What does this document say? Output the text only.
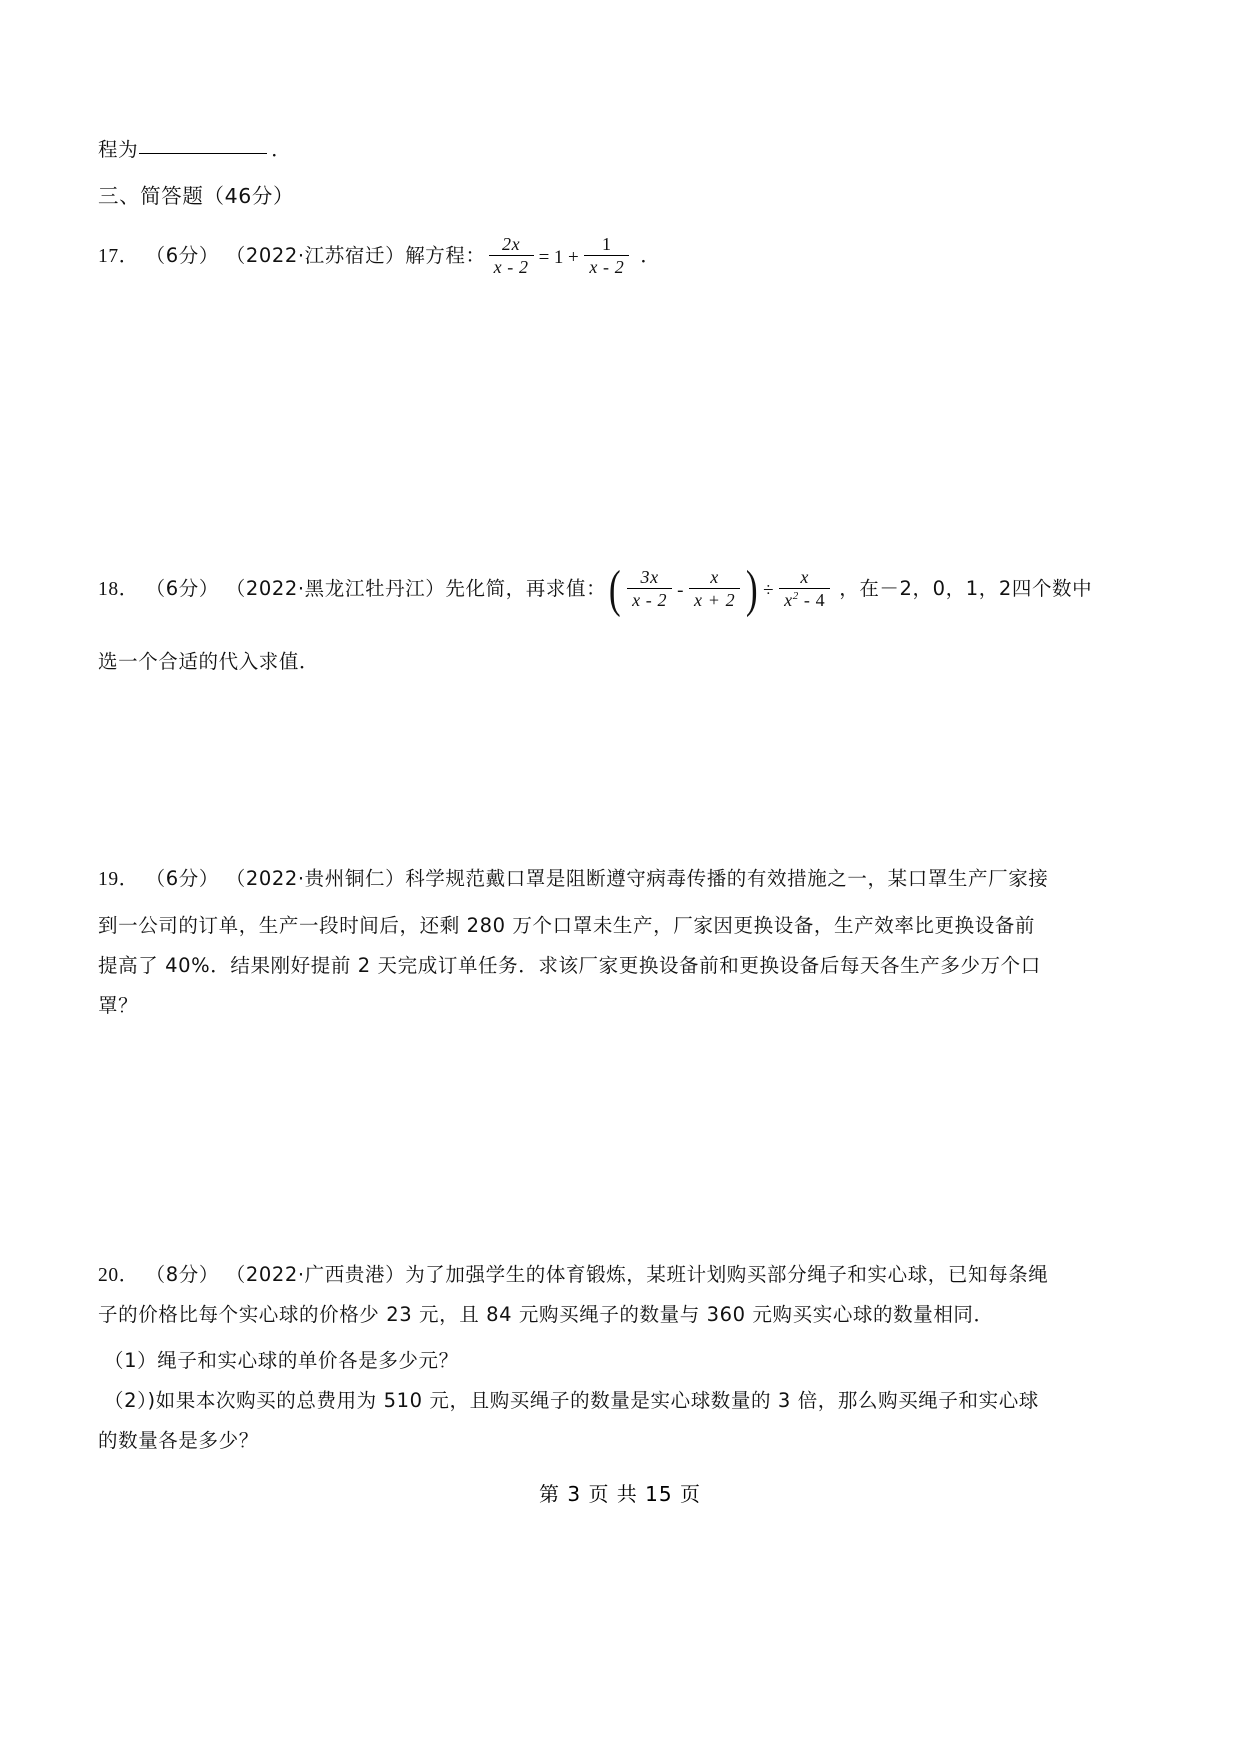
程为	．
三、简答题（46分）
17． （6分） （2022·江苏宿迁）解方程： $\frac{2x}{x - 2} = 1 + \frac{1}{x - 2}$ ．
18． （6分） （2022·黑龙江牡丹江）先化简，再求值：( $\frac{3x}{x - 2} - \frac{x}{x + 2}$ ) ÷ $\frac{x}{x^2 - 4}$ ，在－2，0，1，2四个数中
选一个合适的代入求值．
19． （6分） （2022·贵州铜仁）科学规范戴口罩是阻断遵守病毒传播的有效措施之一，某口罩生产厂家接
到一公司的订单，生产一段时间后，还剩 280 万个口罩未生产，厂家因更换设备，生产效率比更换设备前
提高了 40%．结果刚好提前 2 天完成订单任务．求该厂家更换设备前和更换设备后每天各生产多少万个口
罩？
20． （8分） （2022·广西贵港）为了加强学生的体育锻炼，某班计划购买部分绳子和实心球，已知每条绳
子的价格比每个实心球的价格少 23 元，且 84 元购买绳子的数量与 360 元购买实心球的数量相同．
（1）绳子和实心球的单价各是多少元？
（2）)如果本次购买的总费用为 510 元，且购买绳子的数量是实心球数量的 3 倍，那么购买绳子和实心球
的数量各是多少？
第 3 页 共 15 页
